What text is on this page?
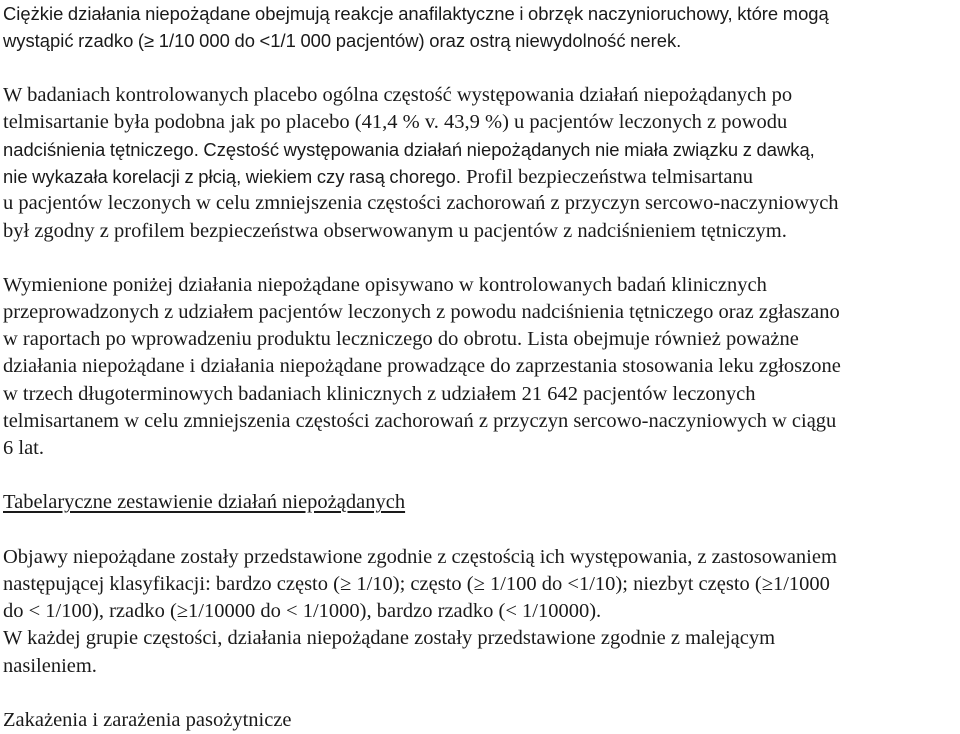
Ciężkie działania niepożądane obejmują reakcje anafilaktyczne i obrzęk naczynioruchowy, które mogą
wystąpić rzadko (≥ 1/10 000 do <1/1 000 pacjentów) oraz ostrą niewydolność nerek.
W badaniach kontrolowanych placebo ogólna częstość występowania działań niepożądanych po
telmisartanie była podobna jak po placebo (41,4 % v. 43,9 %) u pacjentów leczonych z powodu
nadciśnienia tętniczego. Częstość występowania działań niepożądanych nie miała związku z dawką,
nie wykazała korelacji z płcią, wiekiem czy rasą chorego. Profil bezpieczeństwa telmisartanu
u pacjentów leczonych w celu zmniejszenia częstości zachorowań z przyczyn sercowo-naczyniowych
był zgodny z profilem bezpieczeństwa obserwowanym u pacjentów z nadciśnieniem tętniczym.
Wymienione poniżej działania niepożądane opisywano w kontrolowanych badań klinicznych
przeprowadzonych z udziałem pacjentów leczonych z powodu nadciśnienia tętniczego oraz zgłaszano
w raportach po wprowadzeniu produktu leczniczego do obrotu. Lista obejmuje również poważne
działania niepożądane i działania niepożądane prowadzące do zaprzestania stosowania leku zgłoszone
w trzech długoterminowych badaniach klinicznych z udziałem 21 642 pacjentów leczonych
telmisartanem w celu zmniejszenia częstości zachorowań z przyczyn sercowo-naczyniowych w ciągu
6 lat.
Tabelaryczne zestawienie działań niepożądanych
Objawy niepożądane zostały przedstawione zgodnie z częstością ich występowania, z zastosowaniem
następującej klasyfikacji: bardzo często (≥ 1/10); często (≥ 1/100 do <1/10); niezbyt często (≥1/1000
do < 1/100), rzadko (≥1/10000 do < 1/1000), bardzo rzadko (< 1/10000).
W każdej grupie częstości, działania niepożądane zostały przedstawione zgodnie z malejącym
nasileniem.
Zakażenia i zarażenia pasożytnicze
